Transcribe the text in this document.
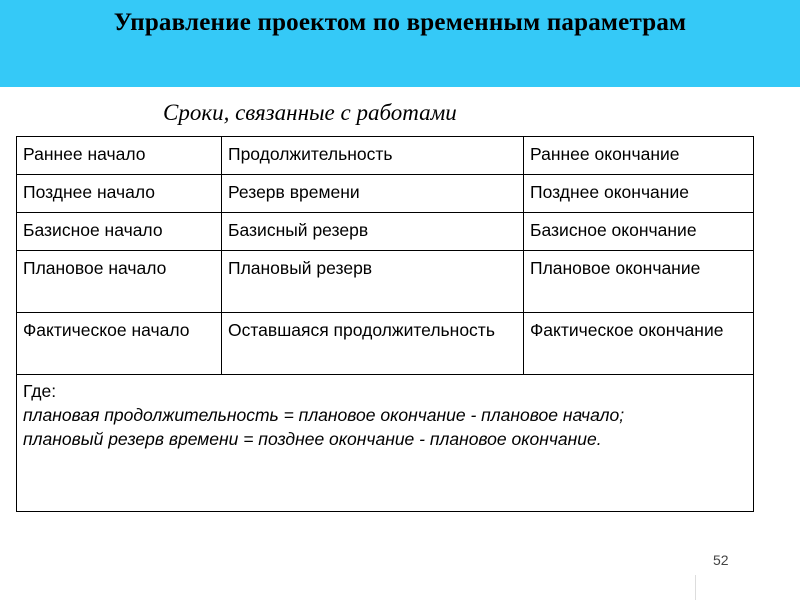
Управление проектом по временным параметрам
Сроки, связанные с работами
Раннее начало	Продолжительность	Раннее окончание
Позднее начало	Резерв времени	Позднее окончание
Базисное начало	Базисный резерв	Базисное окончание
Плановое начало	Плановый резерв	Плановое окончание
Фактическое начало	Оставшаяся продолжительность	Фактическое окончание

Где:
плановая продолжительность = плановое окончание - плановое начало;
плановый резерв времени = позднее окончание - плановое окончание.		
52
